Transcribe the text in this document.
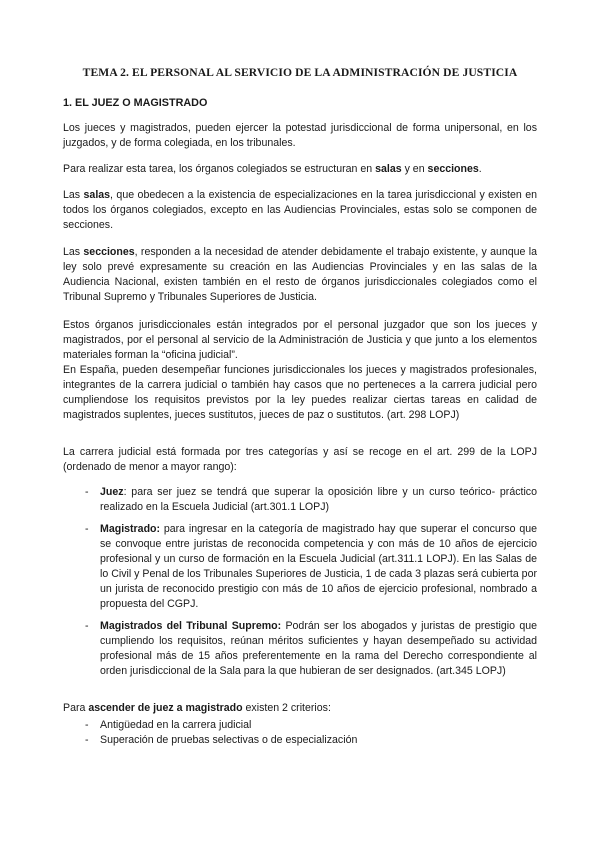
TEMA 2. EL PERSONAL AL SERVICIO DE LA ADMINISTRACIÓN DE JUSTICIA
1. EL JUEZ O MAGISTRADO

Los jueces y magistrados, pueden ejercer la potestad jurisdiccional de forma unipersonal, en los juzgados, y de forma colegiada, en los tribunales.

Para realizar esta tarea, los órganos colegiados se estructuran en salas y en secciones.

Las salas, que obedecen a la existencia de especializaciones en la tarea jurisdiccional y existen en todos los órganos colegiados, excepto en las Audiencias Provinciales, estas solo se componen de secciones.

Las secciones, responden a la necesidad de atender debidamente el trabajo existente, y aunque la ley solo prevé expresamente su creación en las Audiencias Provinciales y en las salas de la Audiencia Nacional, existen también en el resto de órganos jurisdiccionales colegiados como el Tribunal Supremo y Tribunales Superiores de Justicia.

Estos órganos jurisdiccionales están integrados por el personal juzgador que son los jueces y magistrados, por el personal al servicio de la Administración de Justicia y que junto a los elementos materiales forman la “oficina judicial”.
En España, pueden desempeñar funciones jurisdiccionales los jueces y magistrados profesionales, integrantes de la carrera judicial o también hay casos que no perteneces a la carrera judicial pero cumpliendose los requisitos previstos por la ley puedes realizar ciertas tareas en calidad de magistrados suplentes, jueces sustitutos, jueces de paz o sustitutos. (art. 298 LOPJ)

La carrera judicial está formada por tres categorías y así se recoge en el art. 299 de la LOPJ (ordenado de menor a mayor rango):

- Juez: para ser juez se tendrá que superar la oposición libre y un curso teórico- práctico realizado en la Escuela Judicial (art.301.1 LOPJ)
- Magistrado: para ingresar en la categoría de magistrado hay que superar el concurso que se convoque entre juristas de reconocida competencia y con más de 10 años de ejercicio profesional y un curso de formación en la Escuela Judicial (art.311.1 LOPJ). En las Salas de lo Civil y Penal de los Tribunales Superiores de Justicia, 1 de cada 3 plazas será cubierta por un jurista de reconocido prestigio con más de 10 años de ejercicio profesional, nombrado a propuesta del CGPJ.
- Magistrados del Tribunal Supremo: Podrán ser los abogados y juristas de prestigio que cumpliendo los requisitos, reúnan méritos suficientes y hayan desempeñado su actividad profesional más de 15 años preferentemente en la rama del Derecho correspondiente al orden jurisdiccional de la Sala para la que hubieran de ser designados. (art.345 LOPJ)

Para ascender de juez a magistrado existen 2 criterios:

- Antigüedad en la carrera judicial
- Superación de pruebas selectivas o de especialización
